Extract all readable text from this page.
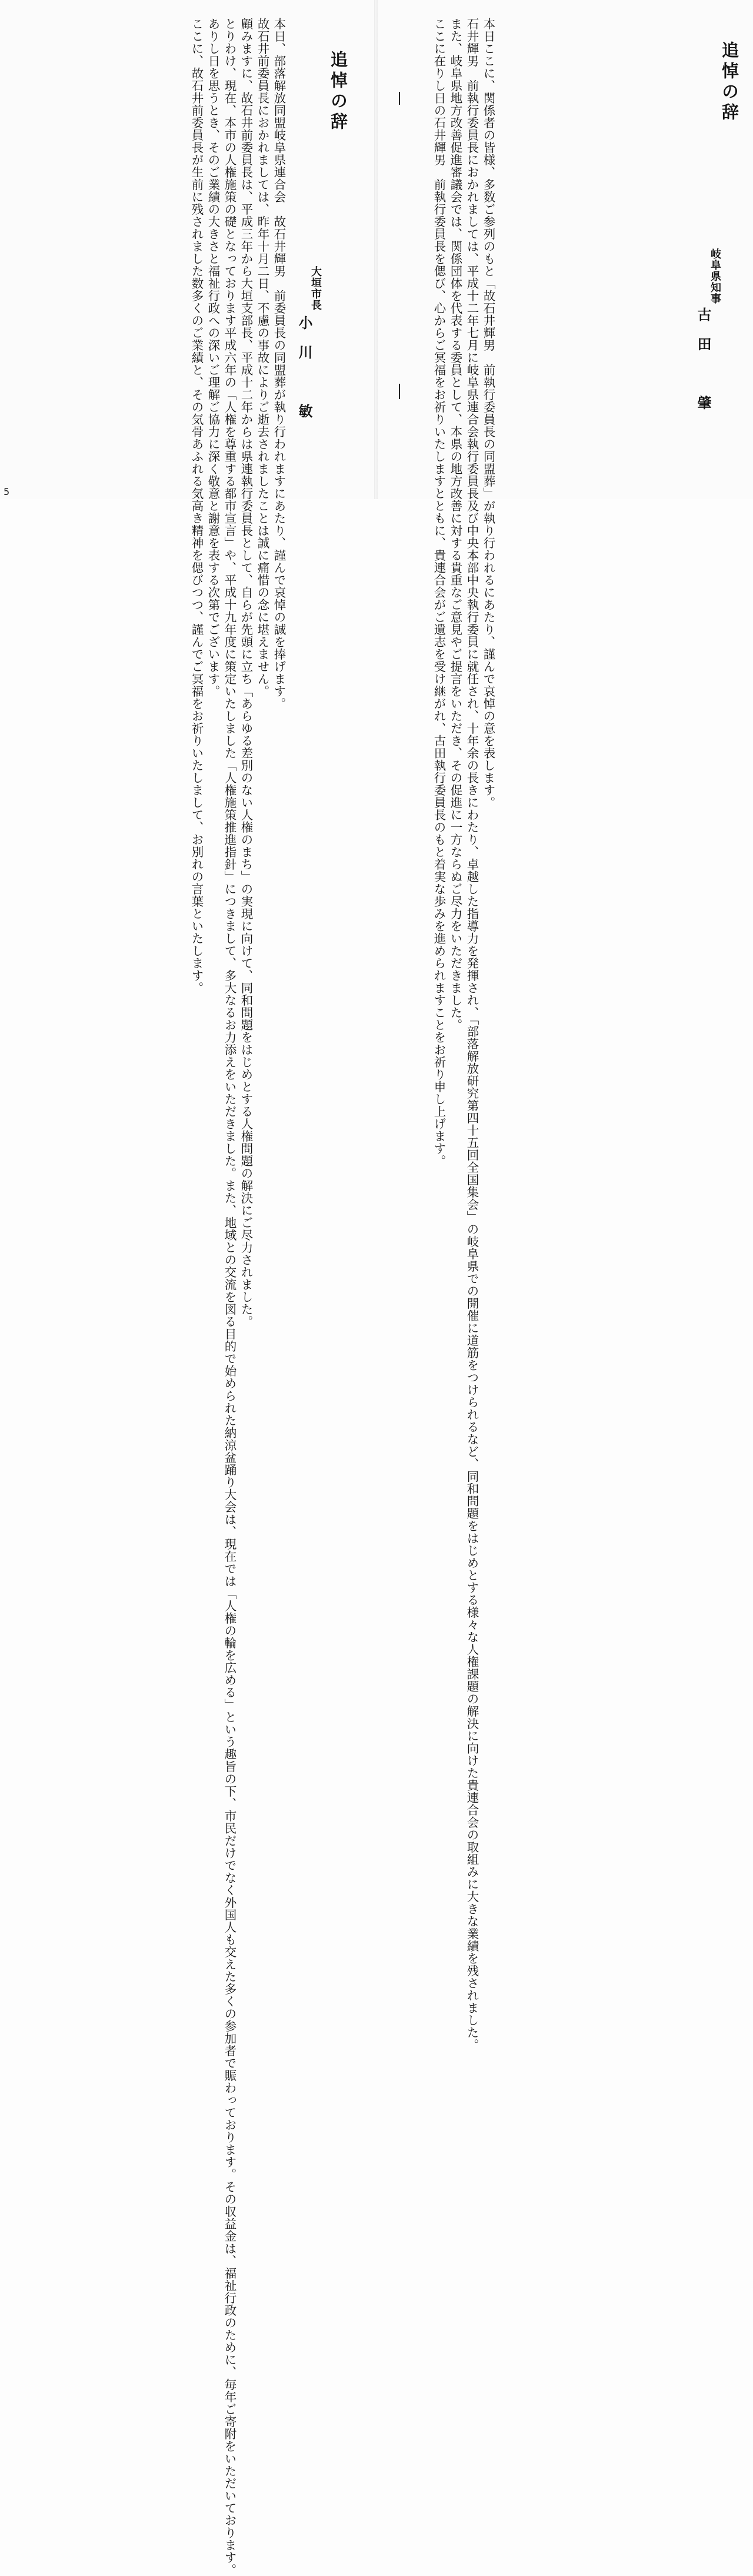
本日、部落解放同盟岐阜県連合会　故石井輝男　前委員長の同盟葬が執り行われますにあたり、謹んで哀悼の誠を捧げます。

故石井前委員長におかれましては、昨年十月二日、不慮の事故によりご逝去されましたことは誠に痛惜の念に堪えません。

顧みますに、故石井前委員長は、平成三年から大垣支部長、平成十二年からは県連執行委員長として、自らが先頭に立ち「あらゆる差別のない人権のまち」の実現に向けて、同和問題をはじめとする人権問題の解決にご尽力されました。

とりわけ、現在、本市の人権施策の礎となっております平成六年の「人権を尊重する都市宣言」や、平成十九年度に策定いたしました「人権施策推進指針」につきまして、多大なるお力添えをいただきました。また、地域との交流を図る目的で始められた納涼盆踊り大会は、現在では「人権の輪を広める」という趣旨の下、市民だけでなく外国人も交えた多くの参加者で賑わっております。その収益金は、福祉行政のために、毎年ご寄附をいただいております。

ありし日を思うとき、そのご業績の大きさと福祉行政への深いご理解ご協力に深く敬意と謝意を表する次第でございます。

ここに、故石井前委員長が生前に残されました数多くのご業績と、その気骨あふれる気高き精神を偲びつつ、謹んでご冥福をお祈りいたしまして、お別れの言葉といたします。	追悼の辞
大垣市長
小川　敏
5
追悼の辞
岐阜県知事
古田　肇

本日ここに、関係者の皆様、多数ご参列のもと「故石井輝男　前執行委員長の同盟葬」が執り行われるにあたり、謹んで哀悼の意を表します。

石井輝男　前執行委員長におかれましては、平成十二年七月に岐阜県連合会執行委員長及び中央本部中央執行委員に就任され、十年余の長きにわたり、卓越した指導力を発揮され、「部落解放研究第四十五回全国集会」の岐阜県での開催に道筋をつけられるなど、同和問題をはじめとする様々な人権課題の解決に向けた貴連合会の取組みに大きな業績を残されました。

また、岐阜県地方改善促進審議会では、関係団体を代表する委員として、本県の地方改善に対する貴重なご意見やご提言をいただき、その促進に一方ならぬご尽力をいただきました。

ここに在りし日の石井輝男　前執行委員長を偲び、心からご冥福をお祈りいたしますとともに、貴連合会がご遺志を受け継がれ、古田執行委員長のもと着実な歩みを進められますことをお祈り申し上げます。
